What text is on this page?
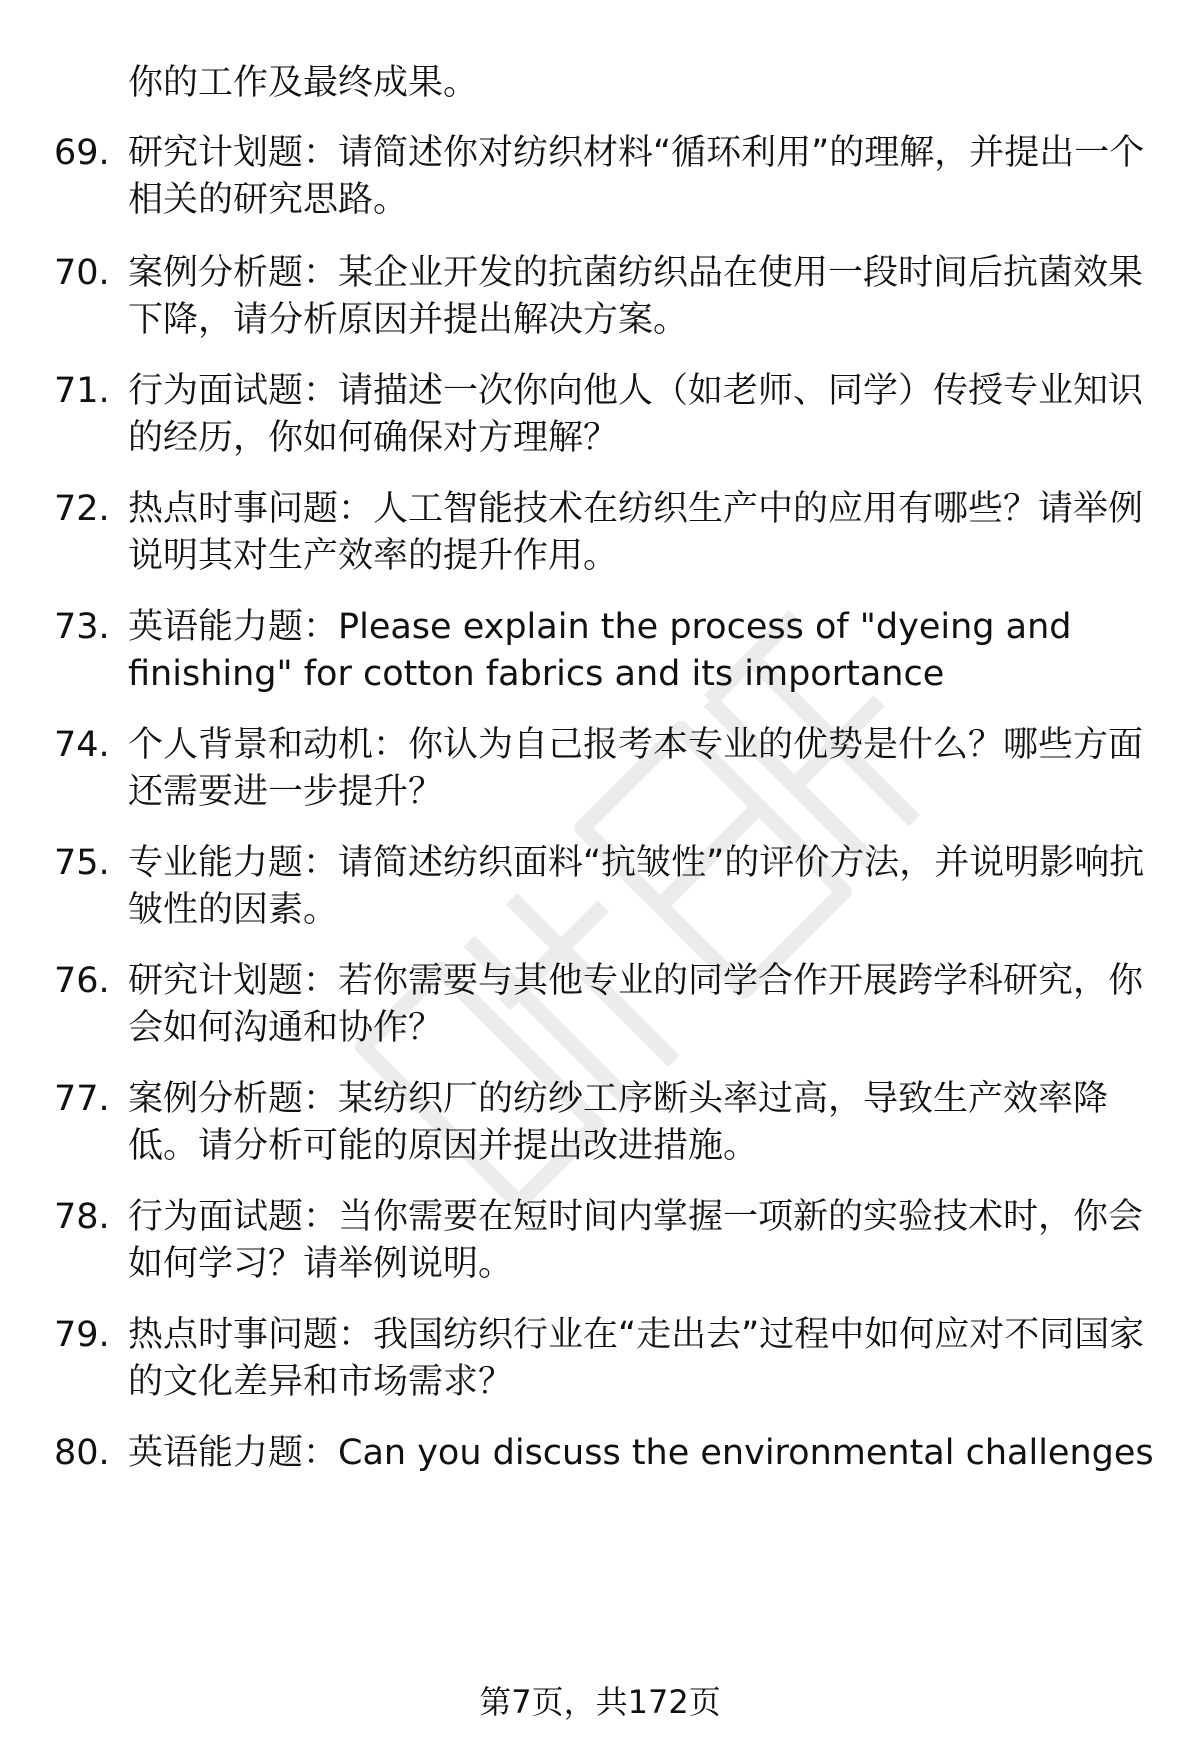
你的工作及最终成果。
69. 研究计划题：请简述你对纺织材料“循环利用”的理解，并提出一个相关的研究思路。
70. 案例分析题：某企业开发的抗菌纺织品在使用一段时间后抗菌效果下降，请分析原因并提出解决方案。
71. 行为面试题：请描述一次你向他人（如老师、同学）传授专业知识的经历，你如何确保对方理解？
72. 热点时事问题：人工智能技术在纺织生产中的应用有哪些？请举例说明其对生产效率的提升作用。
73. 英语能力题：Please explain the process of "dyeing and finishing" for cotton fabrics and its importance
74. 个人背景和动机：你认为自己报考本专业的优势是什么？哪些方面还需要进一步提升？
75. 专业能力题：请简述纺织面料“抗皱性”的评价方法，并说明影响抗皱性的因素。
76. 研究计划题：若你需要与其他专业的同学合作开展跨学科研究，你会如何沟通和协作？
77. 案例分析题：某纺织厂的纺纱工序断头率过高，导致生产效率降低。请分析可能的原因并提出改进措施。
78. 行为面试题：当你需要在短时间内掌握一项新的实验技术时，你会如何学习？请举例说明。
79. 热点时事问题：我国纺织行业在“走出去”过程中如何应对不同国家的文化差异和市场需求？
80. 英语能力题：Can you discuss the environmental challenges
第7页，共172页
